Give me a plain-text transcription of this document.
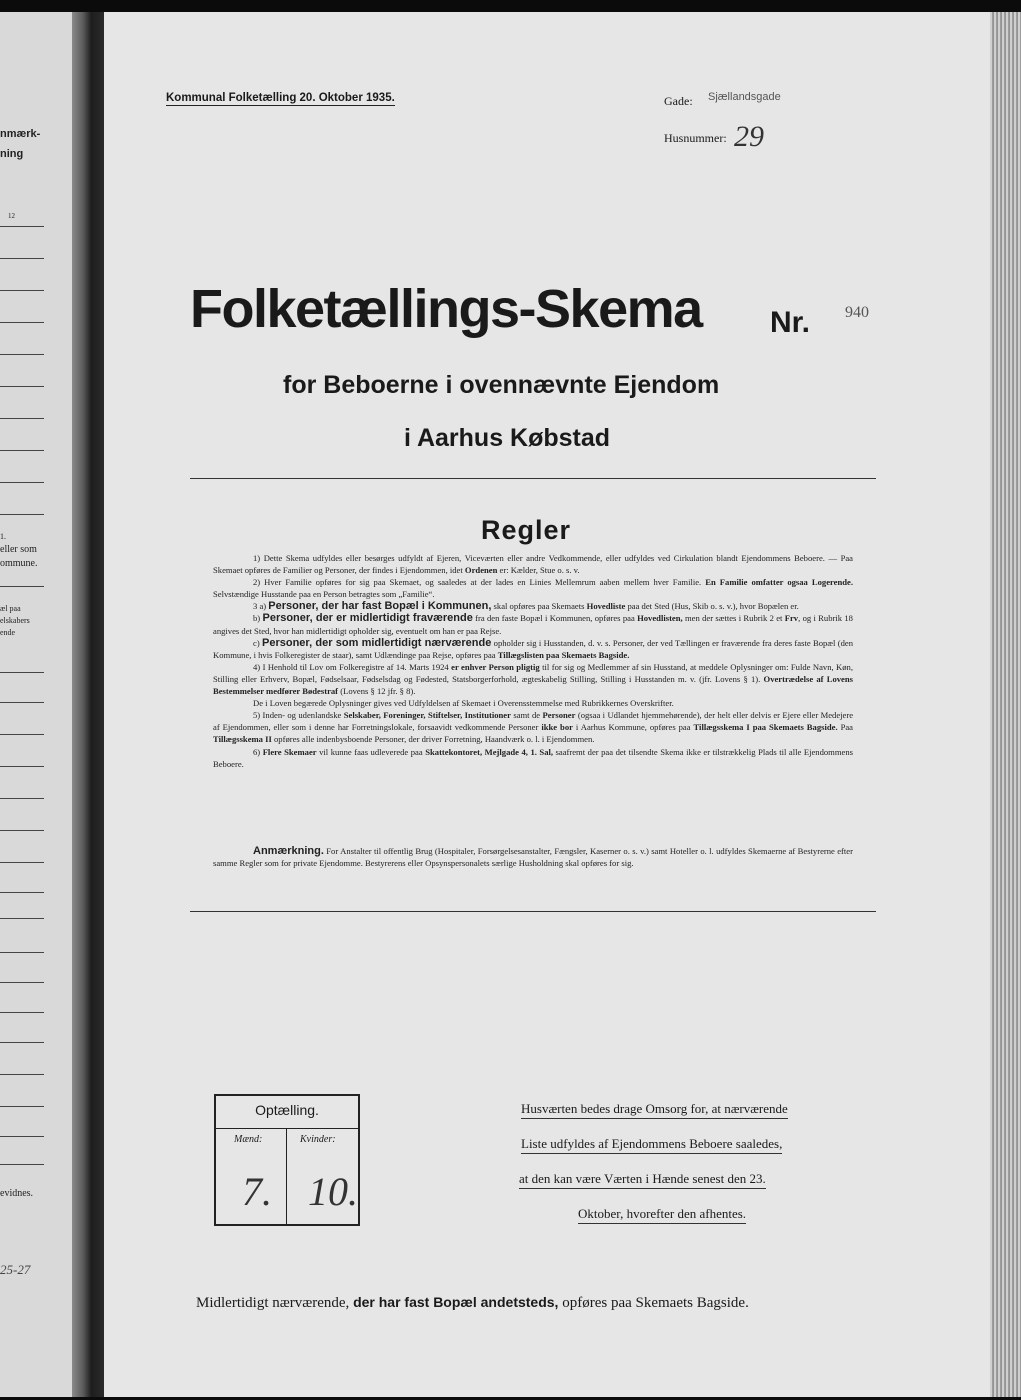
nmærk-
ning
12
1.
eller som
ommune.
æl paa
elskabers
ende
evidnes.
25-27
Kommunal Folketælling 20. Oktober 1935.	Gade: Sjællandsgade
Husnummer: 29
Folketællings-Skema Nr. 940
for Beboerne i ovennævnte Ejendom
i Aarhus Købstad
Regler

1) Dette Skema udfyldes eller besørges udfyldt af Ejeren, Viceværten eller andre Vedkommende, eller udfyldes ved Cirkulation blandt Ejendommens Beboere. — Paa Skemaet opføres de Familier og Personer, der findes i Ejendommen, idet Ordenen er: Kælder, Stue o. s. v.

2) Hver Familie opføres for sig paa Skemaet, og saaledes at der lades en Linies Mellemrum aaben mellem hver Familie. En Familie omfatter ogsaa Logerende. Selvstændige Husstande paa en Person betragtes som „Familie“.

3 a) Personer, der har fast Bopæl i Kommunen, skal opføres paa Skemaets Hovedliste paa det Sted (Hus, Skib o. s. v.), hvor Bopælen er.

b) Personer, der er midlertidigt fraværende fra den faste Bopæl i Kommunen, opføres paa Hovedlisten, men der sættes i Rubrik 2 et Frv, og i Rubrik 18 angives det Sted, hvor han midlertidigt opholder sig, eventuelt om han er paa Rejse.

c) Personer, der som midlertidigt nærværende opholder sig i Husstanden, d. v. s. Personer, der ved Tællingen er fraværende fra deres faste Bopæl (den Kommune, i hvis Folkeregister de staar), samt Udlændinge paa Rejse, opføres paa Tillægslisten paa Skemaets Bagside.

4) I Henhold til Lov om Folkeregistre af 14. Marts 1924 er enhver Person pligtig til for sig og Medlemmer af sin Husstand, at meddele Oplysninger om: Fulde Navn, Køn, Stilling eller Erhverv, Bopæl, Fødselsaar, Fødselsdag og Fødested, Statsborgerforhold, ægteskabelig Stilling, Stilling i Husstanden m. v. (jfr. Lovens § 1). Overtrædelse af Lovens Bestemmelser medfører Bødestraf (Lovens § 12 jfr. § 8).

De i Loven begærede Oplysninger gives ved Udfyldelsen af Skemaet i Overensstemmelse med Rubrikkernes Overskrifter.

5) Inden- og udenlandske Selskaber, Foreninger, Stiftelser, Institutioner samt de Personer (ogsaa i Udlandet hjemmehørende), der helt eller delvis er Ejere eller Medejere af Ejendommen, eller som i denne har Forretningslokale, forsaavidt vedkommende Personer ikke bor i Aarhus Kommune, opføres paa Tillægsskema I paa Skemaets Bagside. Paa Tillægsskema II opføres alle indenbysboende Personer, der driver Forretning, Haandværk o. l. i Ejendommen.

6) Flere Skemaer vil kunne faas udleverede paa Skattekontoret, Mejlgade 4, 1. Sal, saafremt der paa det tilsendte Skema ikke er tilstrækkelig Plads til alle Ejendommens Beboere.

Anmærkning. For Anstalter til offentlig Brug (Hospitaler, Forsørgelsesanstalter, Fængsler, Kaserner o. s. v.) samt Hoteller o. l. udfyldes Skemaerne af Bestyrerne efter samme Regler som for private Ejendomme. Bestyrerens eller Opsynspersonalets særlige Husholdning skal opføres for sig.

Optælling.
Mænd:	Kvinder:
7. 10.
Husværten bedes drage Omsorg for, at nærværende
Liste udfyldes af Ejendommens Beboere saaledes,
at den kan være Værten i Hænde senest den 23.
Oktober, hvorefter den afhentes.
Midlertidigt nærværende, der har fast Bopæl andetsteds, opføres paa Skemaets Bagside.
